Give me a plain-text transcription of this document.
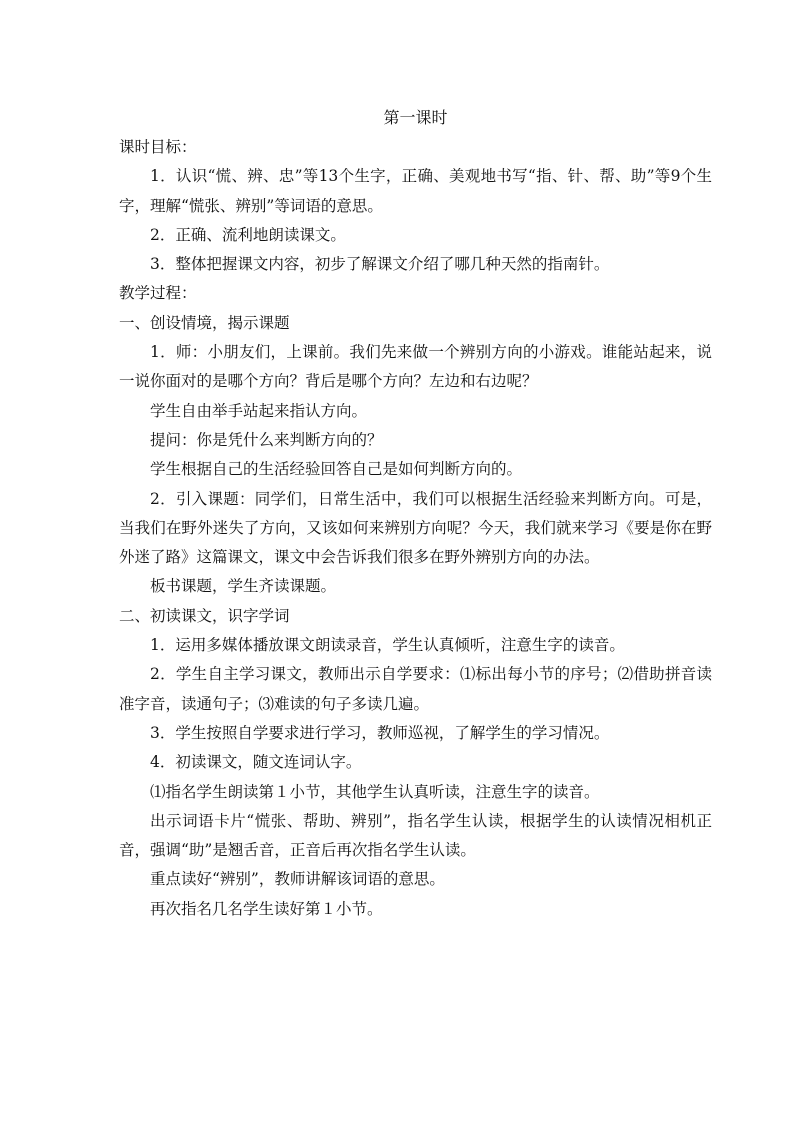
第一课时
课时目标：

1．认识“慌、辨、忠”等13个生字，正确、美观地书写“指、针、帮、助”等9个生字，理解“慌张、辨别”等词语的意思。

2．正确、流利地朗读课文。

3．整体把握课文内容，初步了解课文介绍了哪几种天然的指南针。

教学过程：
一、创设情境，揭示课题

1．师：小朋友们，上课前。我们先来做一个辨别方向的小游戏。谁能站起来，说一说你面对的是哪个方向？背后是哪个方向？左边和右边呢？

学生自由举手站起来指认方向。

提问：你是凭什么来判断方向的？

学生根据自己的生活经验回答自己是如何判断方向的。

2．引入课题：同学们，日常生活中，我们可以根据生活经验来判断方向。可是，当我们在野外迷失了方向，又该如何来辨别方向呢？今天，我们就来学习《要是你在野外迷了路》这篇课文，课文中会告诉我们很多在野外辨别方向的办法。

板书课题，学生齐读课题。

二、初读课文，识字学词

1．运用多媒体播放课文朗读录音，学生认真倾听，注意生字的读音。

2．学生自主学习课文，教师出示自学要求：⑴标出每小节的序号；⑵借助拼音读准字音，读通句子；⑶难读的句子多读几遍。

3．学生按照自学要求进行学习，教师巡视，了解学生的学习情况。

4．初读课文，随文连词认字。

⑴指名学生朗读第１小节，其他学生认真听读，注意生字的读音。

出示词语卡片“慌张、帮助、辨别”，指名学生认读，根据学生的认读情况相机正音，强调“助”是翘舌音，正音后再次指名学生认读。

重点读好“辨别”，教师讲解该词语的意思。

再次指名几名学生读好第１小节。
